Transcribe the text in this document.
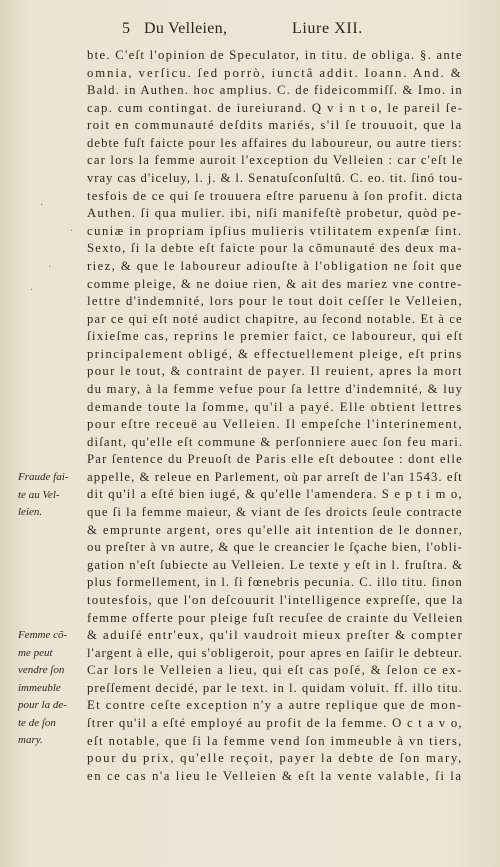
5 Du Velleien,	Liure XII.
Fraude fai-
te au Vel-
leien.
Femme cõ-
me peut
vendre ſon
immeuble
pour la de-
te de ſon
mary.
·
·
·
·
bte. C'eſt l'opinion de Speculator, in titu. de obliga. §. ante
omnia, verſicu. ſed porrò, iunctâ addit. Ioann. And. &
Bald. in Authen. hoc amplius. C. de fideicommiſſ. & Imo. in
cap. cum contingat. de iureiurand. Q v i n t o, le pareil ſe-
roit en communauté deſdits mariés, s'il ſe trouuoit, que la
debte fuſt faicte pour les affaires du laboureur, ou autre tiers:
car lors la femme auroit l'exception du Velleien : car c'eſt le
vray cas d'iceluy, l. j. & l. Senatuſconſultû. C. eo. tit. ſinó tou-
tesfois de ce qui ſe trouuera eſtre paruenu à ſon profit. dicta
Authen. ſi qua mulier. ibi, niſi manifeſtè probetur, quòd pe-
cuniæ in propriam ipſius mulieris vtilitatem expenſæ ſint.
Sexto, ſi la debte eſt faicte pour la cõmunauté des deux ma-
riez, & que le laboureur adiouſte à l'obligation ne ſoit que
comme pleige, & ne doiue rien, & ait des mariez vne contre-
lettre d'indemnité, lors pour le tout doit ceſſer le Velleien,
par ce qui eſt noté audict chapitre, au ſecond notable. Et à ce
ſixieſme cas, reprins le premier faict, ce laboureur, qui eſt
principalement obligé, & effectuellement pleige, eſt prins
pour le tout, & contraint de payer. Il reuient, apres la mort
du mary, à la femme vefue pour ſa lettre d'indemnité, & luy
demande toute la ſomme, qu'il a payé. Elle obtient lettres
pour eſtre receuë au Velleien. Il empeſche l'interinement,
diſant, qu'elle eſt commune & perſonniere auec ſon feu mari.
Par ſentence du Preuoſt de Paris elle eſt deboutee : dont elle
appelle, & releue en Parlement, où par arreſt de l'an 1543. eſt
dit qu'il a eſté bien iugé, & qu'elle l'amendera. S e p t i m o,
que ſi la femme maieur, & viant de ſes droicts ſeule contracte
& emprunte argent, ores qu'elle ait intention de le donner,
ou preſter à vn autre, & que le creancier le ſçache bien, l'obli-
gation n'eſt ſubiecte au Velleien. Le texte y eſt in l. fruſtra. &
plus formellement, in l. ſi fœnebris pecunia. C. illo titu. ſinon
toutesfois, que l'on deſcouurit l'intelligence expreſſe, que la
femme offerte pour pleige fuſt recuſee de crainte du Velleien
& aduiſé entr'eux, qu'il vaudroit mieux preſter & compter
l'argent à elle, qui s'obligeroit, pour apres en ſaiſir le debteur.
Car lors le Velleien a lieu, qui eſt cas poſé, & ſelon ce ex-
preſſement decidé, par le text. in l. quidam voluit. ff. illo titu.
Et contre ceſte exception n'y a autre replique que de mon-
ſtrer qu'il a eſté employé au profit de la femme. O c t a v o,
eſt notable, que ſi la femme vend ſon immeuble à vn tiers,
pour du prix, qu'elle reçoit, payer la debte de ſon mary,
en ce cas n'a lieu le Velleien & eſt la vente valable, ſi la
